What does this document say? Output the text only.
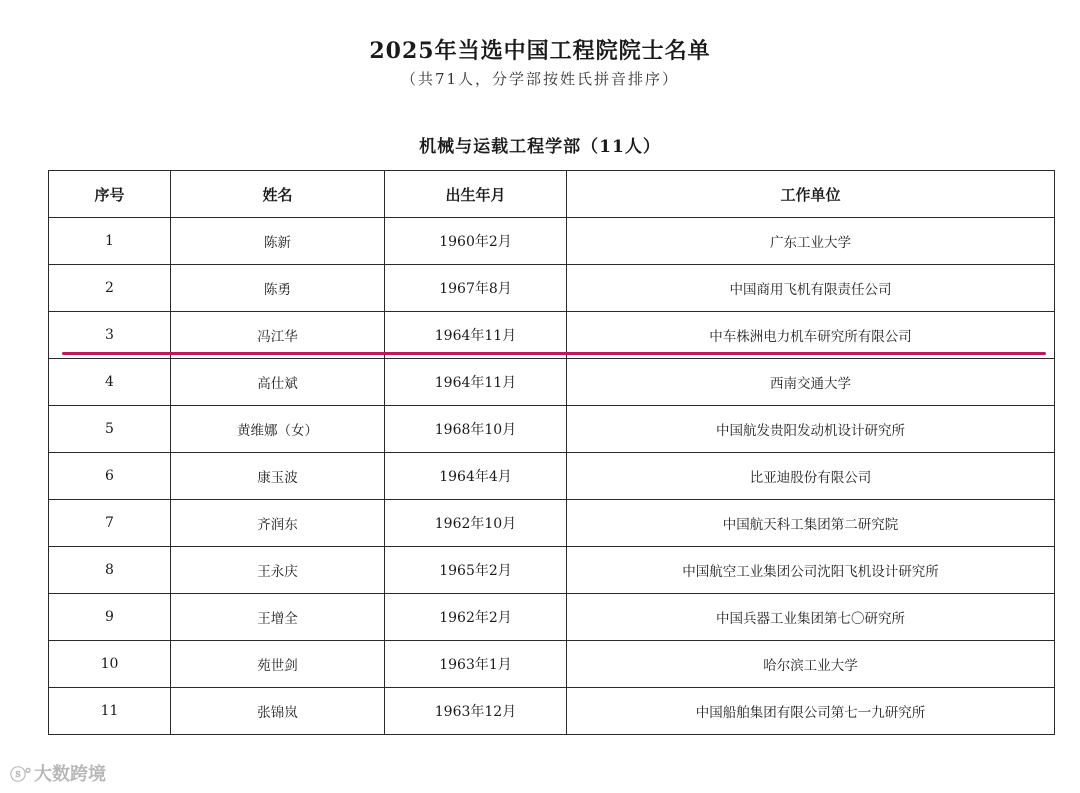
2025年当选中国工程院院士名单
（共71人，分学部按姓氏拼音排序）
机械与运载工程学部（11人）
序号	姓名	出生年月	工作单位
1	陈新	1960年2月	广东工业大学
2	陈勇	1967年8月	中国商用飞机有限责任公司
3	冯江华	1964年11月	中车株洲电力机车研究所有限公司
4	高仕斌	1964年11月	西南交通大学
5	黄维娜（女）	1968年10月	中国航发贵阳发动机设计研究所
6	康玉波	1964年4月	比亚迪股份有限公司
7	齐润东	1962年10月	中国航天科工集团第二研究院
8	王永庆	1965年2月	中国航空工业集团公司沈阳飞机设计研究所
9	王增全	1962年2月	中国兵器工业集团第七〇研究所
10	苑世剑	1963年1月	哈尔滨工业大学
11	张锦岚	1963年12月	中国船舶集团有限公司第七一九研究所
ⓢ° 大数跨境
